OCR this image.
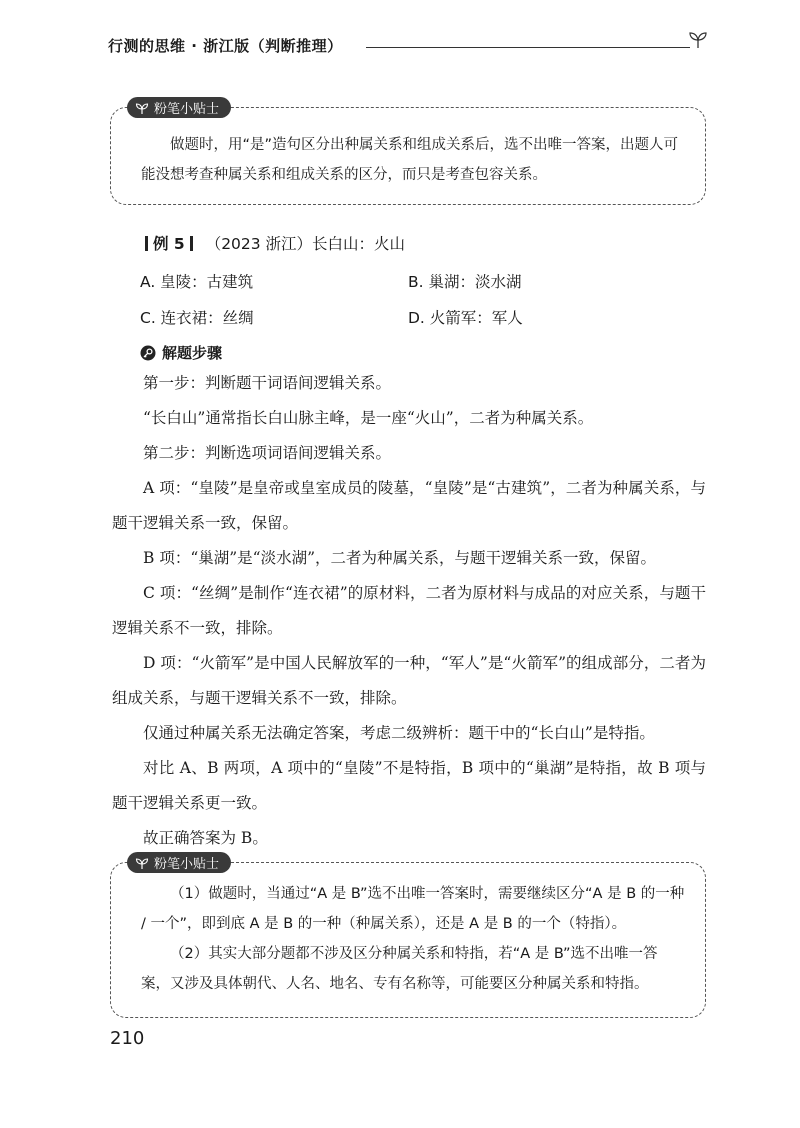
行测的思维 · 浙江版（判断推理）
粉笔小贴士

做题时，用“是”造句区分出种属关系和组成关系后，选不出唯一答案，出题人可能没想考查种属关系和组成关系的区分，而只是考查包容关系。

例 5 （2023 浙江）长白山：火山
A. 皇陵：古建筑	B. 巢湖：淡水湖
C. 连衣裙：丝绸	D. 火箭军：军人
解题步骤

第一步：判断题干词语间逻辑关系。

“长白山”通常指长白山脉主峰，是一座“火山”，二者为种属关系。

第二步：判断选项词语间逻辑关系。

A 项：“皇陵”是皇帝或皇室成员的陵墓，“皇陵”是“古建筑”，二者为种属关系，与题干逻辑关系一致，保留。

B 项：“巢湖”是“淡水湖”，二者为种属关系，与题干逻辑关系一致，保留。

C 项：“丝绸”是制作“连衣裙”的原材料，二者为原材料与成品的对应关系，与题干逻辑关系不一致，排除。

D 项：“火箭军”是中国人民解放军的一种，“军人”是“火箭军”的组成部分，二者为组成关系，与题干逻辑关系不一致，排除。

仅通过种属关系无法确定答案，考虑二级辨析：题干中的“长白山”是特指。

对比 A、B 两项，A 项中的“皇陵”不是特指，B 项中的“巢湖”是特指，故 B 项与题干逻辑关系更一致。

故正确答案为 B。

粉笔小贴士

（1）做题时，当通过“A 是 B”选不出唯一答案时，需要继续区分“A 是 B 的一种 / 一个”，即到底 A 是 B 的一种（种属关系），还是 A 是 B 的一个（特指）。

（2）其实大部分题都不涉及区分种属关系和特指，若“A 是 B”选不出唯一答案，又涉及具体朝代、人名、地名、专有名称等，可能要区分种属关系和特指。

210
